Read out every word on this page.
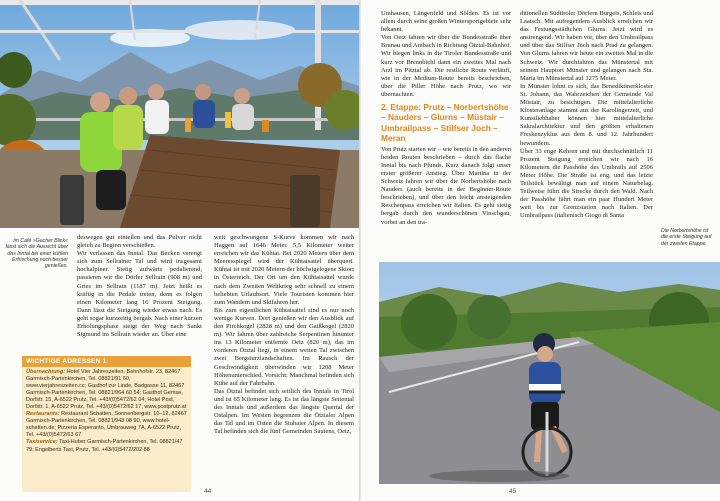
Im Café »Gacher Blick« lässt sich die Aussicht über das Inntal bei einer kühlen Erfrischung noch besser genießen.

deswegen gut einteilen und das Pulver nicht gleich zu Beginn verschießen.

Wir verlassen das Inntal. Das Becken verengt sich zum Sellrainer Tal und wird insgesamt hochalpiner. Stetig aufwärts pedalierend, passieren wir die Dörfer Sellrain (908 m) und Gries im Sellrain (1187 m). Jetzt heißt es kräftig in die Pedale treten, denn es folgen einen Kilometer lang 16 Prozent Steigung. Dann lässt die Steigung wieder etwas nach. Es geht sogar kurzzeitig bergab. Nach einer kurzen Erholungsphase steigt der Weg nach Sankt Sigmund im Sellrain wieder an. Über eine

WICHTIGE ADRESSEN 1

Übernachtung: Hotel Vier Jahreszeiten, Bahnhofstr. 23, 82467 Garmisch-Partenkirchen, Tel. 08821/91 60, www.vierjahreszeiten.cc; Gasthof zur Linde, Badgasse 11, 82467 Garmisch-Partenkirchen, Tel. 08821/964 60 54; Gasthof Gemse, Dorfstr. 15, A-6522 Prutz, Tel. +43/(0)5472/62 04; Hotel Post, Dorfstr. 1, A-6522 Prutz, Tel. +43/(0)5472/62 17, www.postprutz.at

Restaurants: Restaurant Schatten, Sonnenbergstr. 10–12, 82467 Garmisch-Partenkirchen, Tel. 08821/943 08 90, www.hotel-schatten.de; Pizzeria Esperanto, Umbrauweg 7A, A-6522 Prutz, Tel. +43/(0)5472/63 67

Taxiservice: Taxi-Huber Garmisch-Partenkirchen, Tel. 08821/47 79; Engelberts Taxi, Prutz, Tel. +43/(0)5472/202 88

weit geschwungene S-Kurve kommen wir nach Haggen auf 1646 Meter. 5,5 Kilometer weiter erreichen wir das Kühtai. Bei 2020 Metern über dem Meeresspiegel wird der Kühtaisattel überquert. Kühtai ist mit 2020 Metern der höchstgelegene Skiort in Österreich. Der Ort um den Kühtaisattel wurde nach dem Zweiten Weltkrieg sehr schnell zu einem beliebten Urlaubsort. Viele Touristen kommen hier zum Wandern und Skifahren her.

Bis zum eigentlichen Kühtaisattel sind es nur noch wenige Kurven. Dort genießen wir den Ausblick auf den Pirchkogel (2828 m) und den Gaißkogel (2820 m). Wir fahren über zahlreiche Serpentinen hinunter ins 13 Kilometer entfernte Oetz (820 m), das im vorderen Ötztal liegt, in einem weiten Tal zwischen zwei Bergsturzlandschaften. Im Rausch der Geschwindigkeit überwinden wir 1208 Meter Höhenunterschied. Vorsicht: Manchmal befinden sich Kühe auf der Fahrbahn.

Das Ötztal befindet sich seitlich des Inntals in Tirol und ist 65 Kilometer lang. Es ist das längste Seitental des Inntals und außerdem das längste Quertal der Ostalpen. Im Westen begrenzen die Ötztaler Alpen das Tal und im Osten die Stubaier Alpen. In diesem Tal befinden sich die fünf Gemeinden Sautens, Oetz,

44

Umhausen, Längenfeld und Sölden. Es ist vor allem durch seine großen Wintersportgebiete sehr bekannt.

Von Oetz fahren wir über die Bundesstraße über Brunau und Ambach in Richtung Ötztal-Bahnhof. Wir biegen links in die Tiroler Bundesstraße und kurz vor Brennbichl dann ein zweites Mal nach Arzl im Pitztal ab. Die restliche Route verläuft, wie in der Medium-Route bereits beschrieben, über die Piller Höhe nach Prutz, wo wir übernachten.

2. Etappe: Prutz – Norbertshöhe – Nauders – Glurns – Müstair – Umbrailpass – Stilfser Joch – Meran

Von Prutz starten wir – wie bereits in den anderen beiden Routen beschrieben – durch das flache Inntal bis nach Pfunds. Kurz danach folgt unser erster größerer Anstieg. Über Martina in der Schweiz fahren wir über die Norbertshöhe nach Nauders (auch bereits in der Beginner-Route beschrieben), und über den leicht ansteigenden Reschenpass erreichen wir Italien. Es geht stetig bergab durch den wunderschönen Vinschgau, vorbei an den tra-

ditionellen Südtiroler Dörfern Burgeis, Schleis und Laatsch. Mit aufregendem Ausblick erreichen wir das Festungsstädtchen Glurns. Jetzt wird es anstrengend. Wir haben vor, über den Umbrailpass und über das Stilfser Joch nach Prad zu gelangen. Von Glurns fahren wir heute ein zweites Mal in die Schweiz. Wir durchfahren das Münstertal mit seinem Hauptort Münster und gelangen nach Sta. Maria im Münstertal auf 1275 Meter.

In Münster lohnt es sich, das Benediktinerkloster St. Johann, das Wahrzeichen der Gemeinde Val Müstair, zu besichtigen. Die mittelalterliche Klosteranlage stammt aus der Karolingerzeit, und Kunstliebhaber können hier mittelalterliche Sakralarchitektur und den größten erhaltenen Freskenzyklus aus dem 8. und 12. Jahrhundert bewundern.

Über 33 enge Kehren und mit durchschnittlich 11 Prozent Steigung erreichen wir nach 16 Kilometern die Passhöhe des Umbrails auf 2506 Meter Höhe. Die Straße ist eng, und das letzte Teilstück bewältigt man auf einem Naturbelag. Teilweise führt die Strecke durch den Wald. Nach der Passhöhe fährt man ein paar Hundert Meter weit bis zur Grenzstation nach Italien. Der Umbrailpass (italienisch Giogo di Santa

Die Norbertshöhe ist die erste Steigung auf der zweiten Etappe.
45
